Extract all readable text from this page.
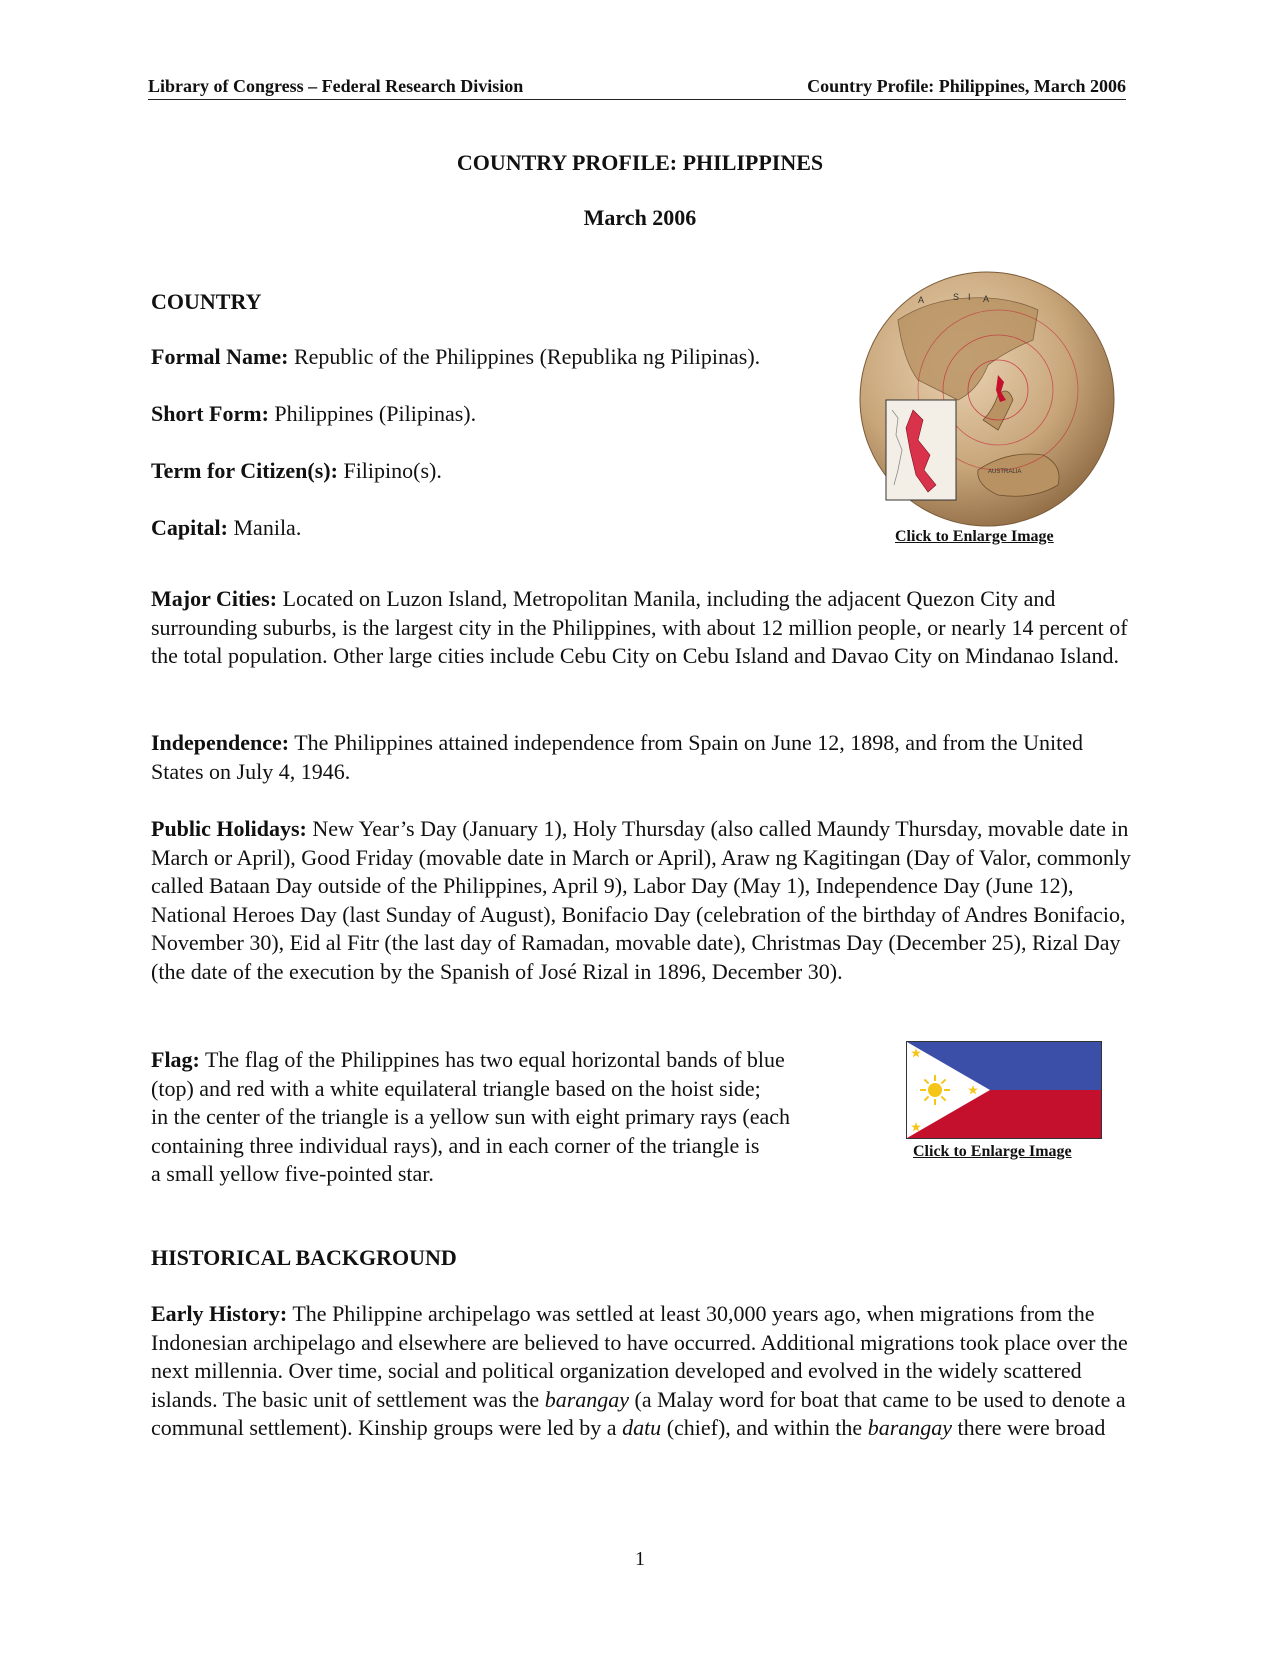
Library of Congress – Federal Research Division	Country Profile: Philippines, March 2006
COUNTRY PROFILE: PHILIPPINES
March 2006
COUNTRY
Formal Name: Republic of the Philippines (Republika ng Pilipinas).
Short Form: Philippines (Pilipinas).
Term for Citizen(s): Filipino(s).
Capital: Manila.
A	S I A
AUSTRALIA
Click to Enlarge Image
Major Cities: Located on Luzon Island, Metropolitan Manila, including the adjacent Quezon City and surrounding suburbs, is the largest city in the Philippines, with about 12 million people, or nearly 14 percent of the total population. Other large cities include Cebu City on Cebu Island and Davao City on Mindanao Island.
Independence: The Philippines attained independence from Spain on June 12, 1898, and from the United States on July 4, 1946.
Public Holidays: New Year’s Day (January 1), Holy Thursday (also called Maundy Thursday, movable date in March or April), Good Friday (movable date in March or April), Araw ng Kagitingan (Day of Valor, commonly called Bataan Day outside of the Philippines, April 9), Labor Day (May 1), Independence Day (June 12), National Heroes Day (last Sunday of August), Bonifacio Day (celebration of the birthday of Andres Bonifacio, November 30), Eid al Fitr (the last day of Ramadan, movable date), Christmas Day (December 25), Rizal Day (the date of the execution by the Spanish of José Rizal in 1896, December 30).
Flag: The flag of the Philippines has two equal horizontal bands of blue
(top) and red with a white equilateral triangle based on the hoist side;
in the center of the triangle is a yellow sun with eight primary rays (each
containing three individual rays), and in each corner of the triangle is
a small yellow five-pointed star.
Click to Enlarge Image
HISTORICAL BACKGROUND
Early History: The Philippine archipelago was settled at least 30,000 years ago, when migrations from the Indonesian archipelago and elsewhere are believed to have occurred. Additional migrations took place over the next millennia. Over time, social and political organization developed and evolved in the widely scattered islands. The basic unit of settlement was the barangay (a Malay word for boat that came to be used to denote a communal settlement). Kinship groups were led by a datu (chief), and within the barangay there were broad
1
